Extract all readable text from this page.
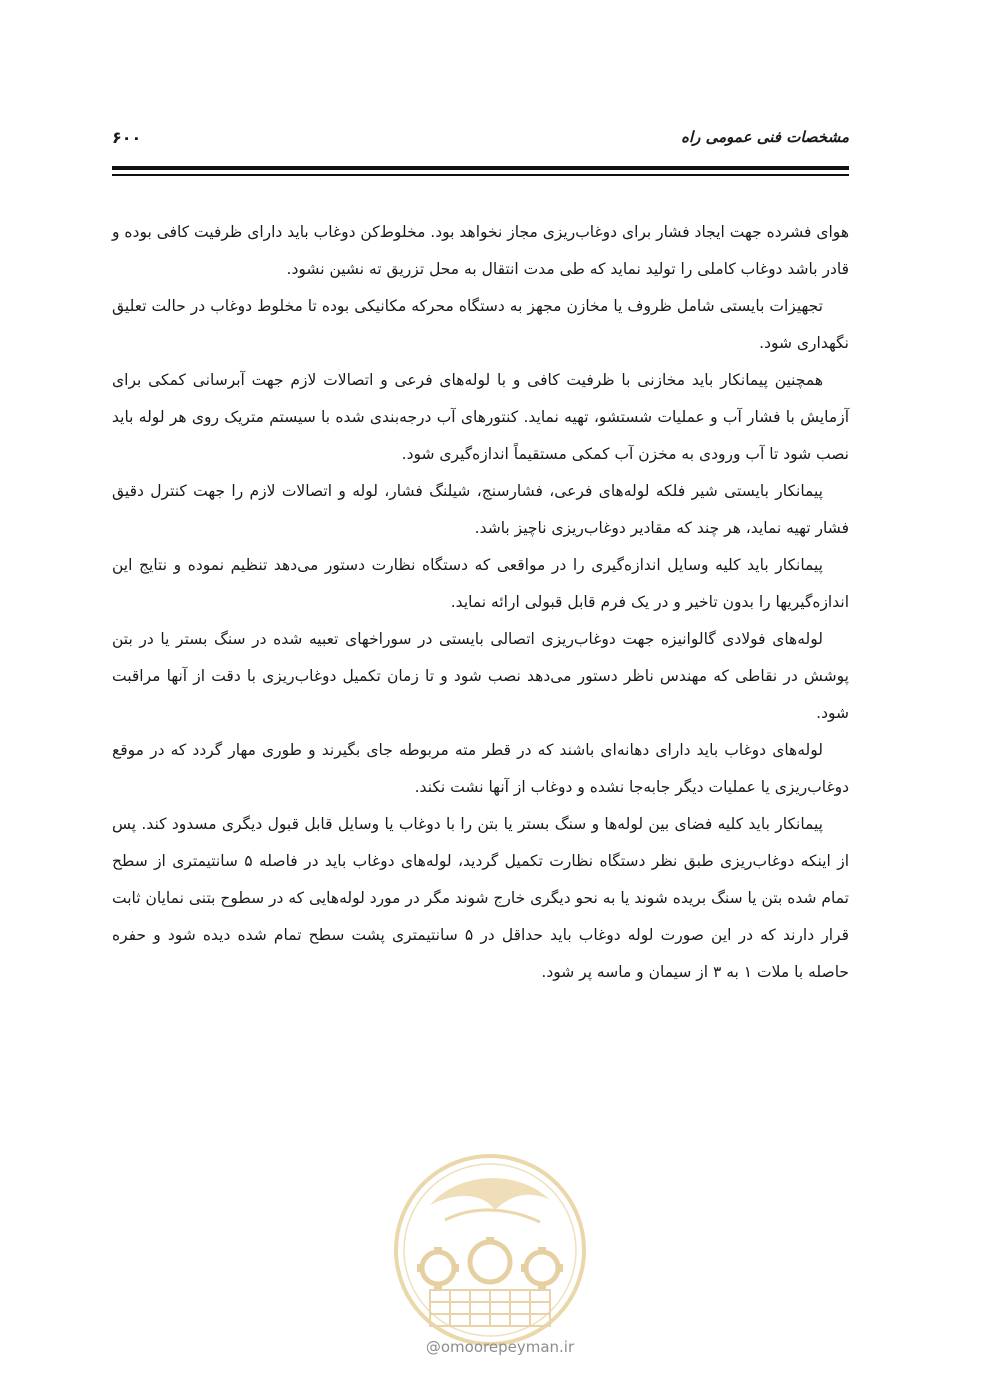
مشخصات فنی عمومی راه
۶۰۰

هوای فشرده جهت ایجاد فشار برای دوغاب‌ریزی مجاز نخواهد بود. مخلوط‌کن دوغاب باید دارای ظرفیت کافی بوده و قادر باشد دوغاب کاملی را تولید نماید که طی مدت انتقال به محل تزریق ته نشین نشود.

تجهیزات بایستی شامل ظروف یا مخازن مجهز به دستگاه محرکه مکانیکی بوده تا مخلوط دوغاب در حالت تعلیق نگهداری شود.

همچنین پیمانکار باید مخازنی با ظرفیت کافی و با لوله‌های فرعی و اتصالات لازم جهت آبرسانی کمکی برای آزمایش با فشار آب و عملیات شستشو، تهیه نماید. کنتورهای آب درجه‌بندی شده با سیستم متریک روی هر لوله باید نصب شود تا آب ورودی به مخزن آب کمکی مستقیماً اندازه‌گیری شود.

پیمانکار بایستی شیر فلکه لوله‌های فرعی، فشارسنج، شیلنگ فشار، لوله و اتصالات لازم را جهت کنترل دقیق فشار تهیه نماید، هر چند که مقادیر دوغاب‌ریزی ناچیز باشد.

پیمانکار باید کلیه وسایل اندازه‌گیری را در مواقعی که دستگاه نظارت دستور می‌دهد تنظیم نموده و نتایج این اندازه‌گیریها را بدون تاخیر و در یک فرم قابل قبولی ارائه نماید.

لوله‌های فولادی گالوانیزه جهت دوغاب‌ریزی اتصالی بایستی در سوراخهای تعبیه شده در سنگ بستر یا در بتن پوشش در نقاطی که مهندس ناظر دستور می‌دهد نصب شود و تا زمان تکمیل دوغاب‌ریزی با دقت از آنها مراقبت شود.

لوله‌های دوغاب باید دارای دهانه‌ای باشند که در قطر مته مربوطه جای بگیرند و طوری مهار گردد که در موقع دوغاب‌ریزی یا عملیات دیگر جابه‌جا نشده و دوغاب از آنها نشت نکند.

پیمانکار باید کلیه فضای بین لوله‌ها و سنگ بستر یا بتن را با دوغاب یا وسایل قابل قبول دیگری مسدود کند. پس از اینکه دوغاب‌ریزی طبق نظر دستگاه نظارت تکمیل گردید، لوله‌های دوغاب باید در فاصله ۵ سانتیمتری از سطح تمام شده بتن یا سنگ بریده شوند یا به نحو دیگری خارج شوند مگر در مورد لوله‌هایی که در سطوح بتنی نمایان ثابت قرار دارند که در این صورت لوله دوغاب باید حداقل در ۵ سانتیمتری پشت سطح تمام شده دیده شود و حفره حاصله با ملات ۱ به ۳ از سیمان و ماسه پر شود.

@omoorepeyman.ir
